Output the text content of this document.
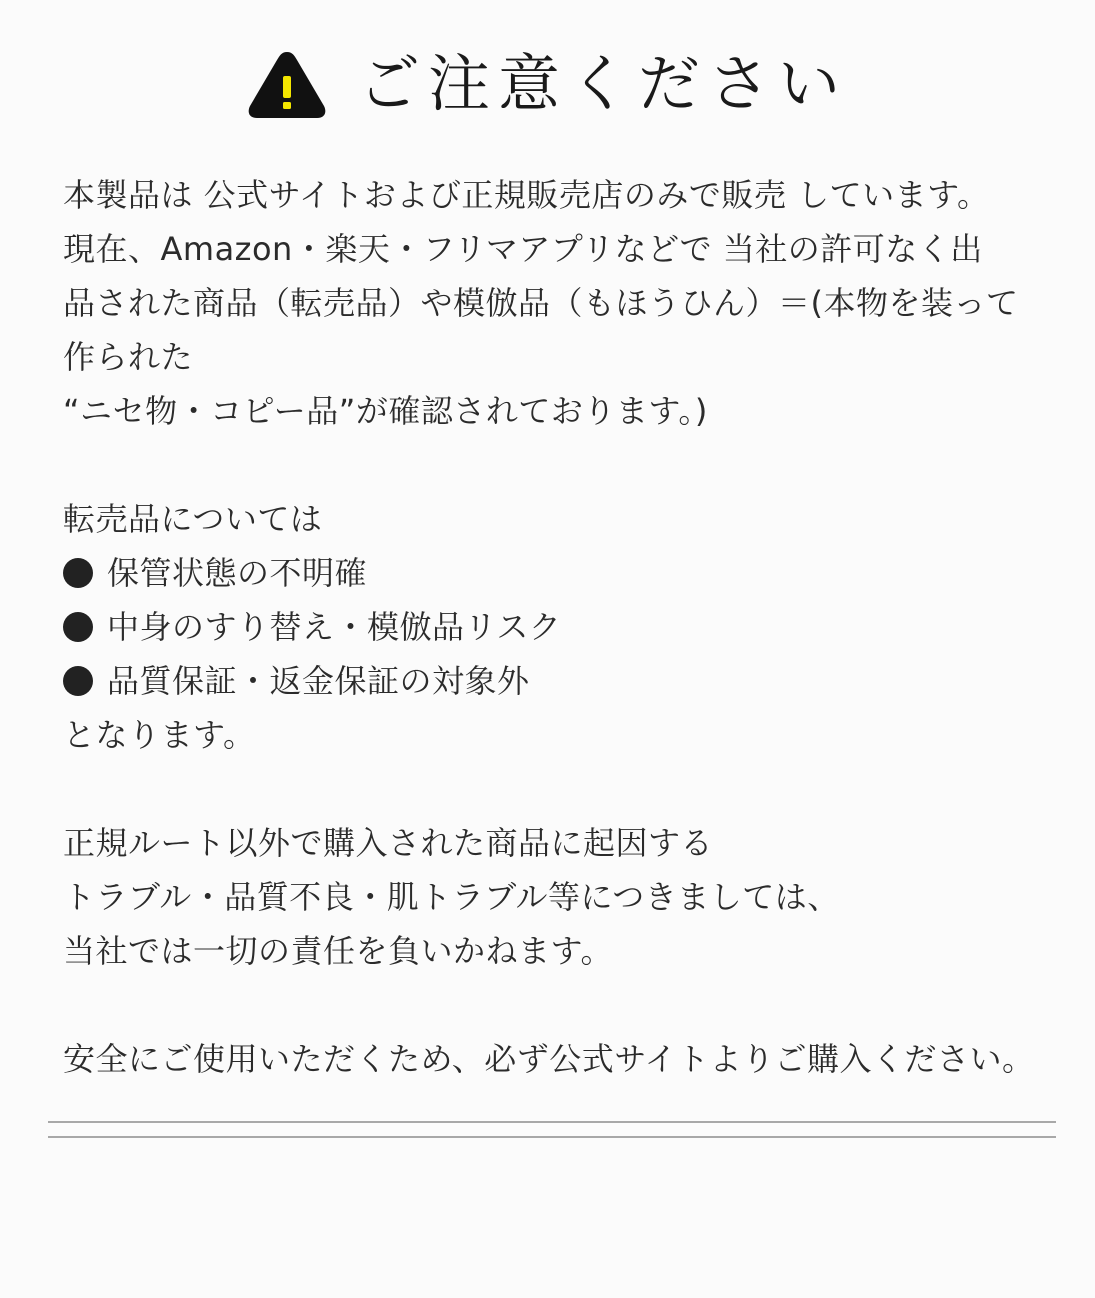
ご注意ください
本製品は 公式サイトおよび正規販売店のみで販売 しています。
現在、Amazon・楽天・フリマアプリなどで 当社の許可なく出
品された商品（転売品）や模倣品（もほうひん）＝(本物を装って
作られた
“ニセ物・コピー品”が確認されております。)
転売品については
保管状態の不明確
中身のすり替え・模倣品リスク
品質保証・返金保証の対象外
となります。
正規ルート以外で購入された商品に起因する
トラブル・品質不良・肌トラブル等につきましては、
当社では一切の責任を負いかねます。
安全にご使用いただくため、必ず公式サイトよりご購入ください。
